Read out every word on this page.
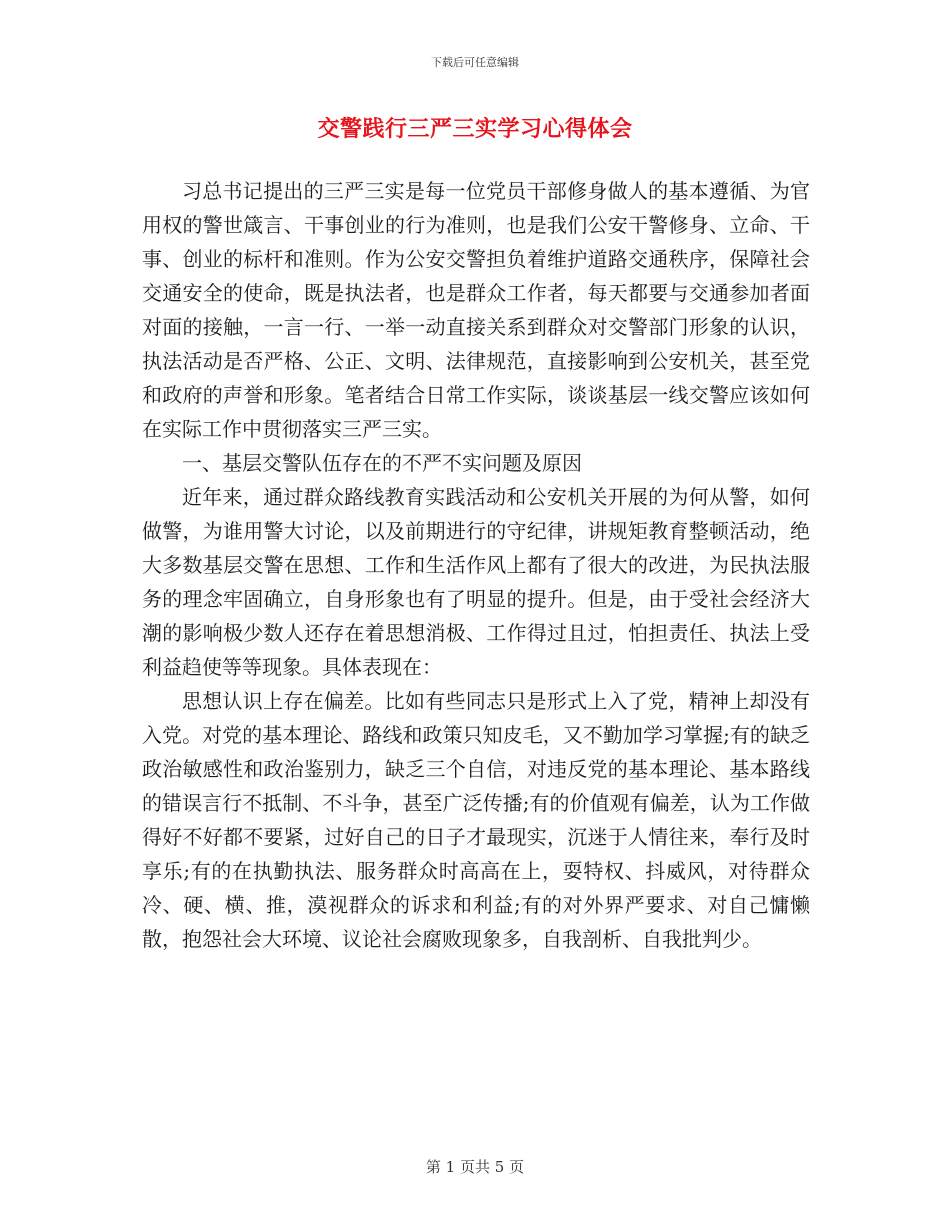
下载后可任意编辑
交警践行三严三实学习心得体会

习总书记提出的三严三实是每一位党员干部修身做人的基本遵循、为官用权的警世箴言、干事创业的行为准则，也是我们公安干警修身、立命、干事、创业的标杆和准则。作为公安交警担负着维护道路交通秩序，保障社会交通安全的使命，既是执法者，也是群众工作者，每天都要与交通参加者面对面的接触，一言一行、一举一动直接关系到群众对交警部门形象的认识，执法活动是否严格、公正、文明、法律规范，直接影响到公安机关，甚至党和政府的声誉和形象。笔者结合日常工作实际，谈谈基层一线交警应该如何在实际工作中贯彻落实三严三实。

一、基层交警队伍存在的不严不实问题及原因

近年来，通过群众路线教育实践活动和公安机关开展的为何从警，如何做警，为谁用警大讨论，以及前期进行的守纪律，讲规矩教育整顿活动，绝大多数基层交警在思想、工作和生活作风上都有了很大的改进，为民执法服务的理念牢固确立，自身形象也有了明显的提升。但是，由于受社会经济大潮的影响极少数人还存在着思想消极、工作得过且过，怕担责任、执法上受利益趋使等等现象。具体表现在：

思想认识上存在偏差。比如有些同志只是形式上入了党，精神上却没有入党。对党的基本理论、路线和政策只知皮毛，又不勤加学习掌握;有的缺乏政治敏感性和政治鉴别力，缺乏三个自信，对违反党的基本理论、基本路线的错误言行不抵制、不斗争，甚至广泛传播;有的价值观有偏差，认为工作做得好不好都不要紧，过好自己的日子才最现实，沉迷于人情往来，奉行及时享乐;有的在执勤执法、服务群众时高高在上，耍特权、抖威风，对待群众冷、硬、横、推，漠视群众的诉求和利益;有的对外界严要求、对自己慵懒散，抱怨社会大环境、议论社会腐败现象多，自我剖析、自我批判少。

第 1 页共 5 页
